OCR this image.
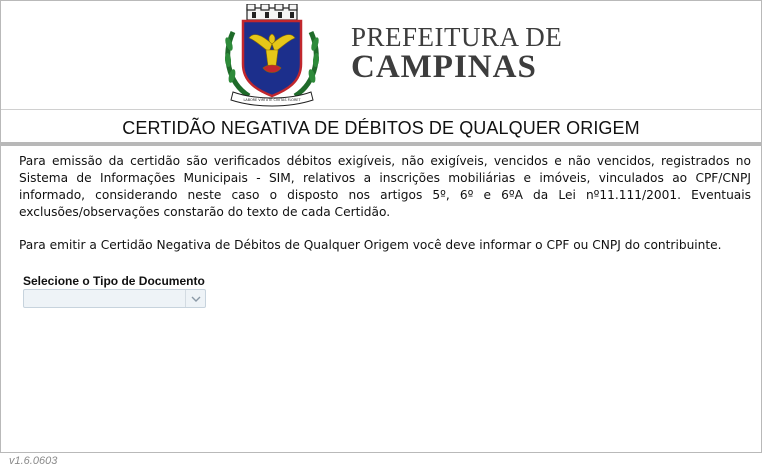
LABORE VIRTUTE CIVITAS FLORET
PREFEITURA DE
CAMPINAS
CERTIDÃO NEGATIVA DE DÉBITOS DE QUALQUER ORIGEM

Para emissão da certidão são verificados débitos exigíveis, não exigíveis, vencidos e não vencidos, registrados no Sistema de Informações Municipais - SIM, relativos a inscrições mobiliárias e imóveis, vinculados ao CPF/CNPJ informado, considerando neste caso o disposto nos artigos 5º, 6º e 6ºA da Lei nº11.111/2001. Eventuais exclusões/observações constarão do texto de cada Certidão.

Para emitir a Certidão Negativa de Débitos de Qualquer Origem você deve informar o CPF ou CNPJ do contribuinte.

Selecione o Tipo de Documento
v1.6.0603
